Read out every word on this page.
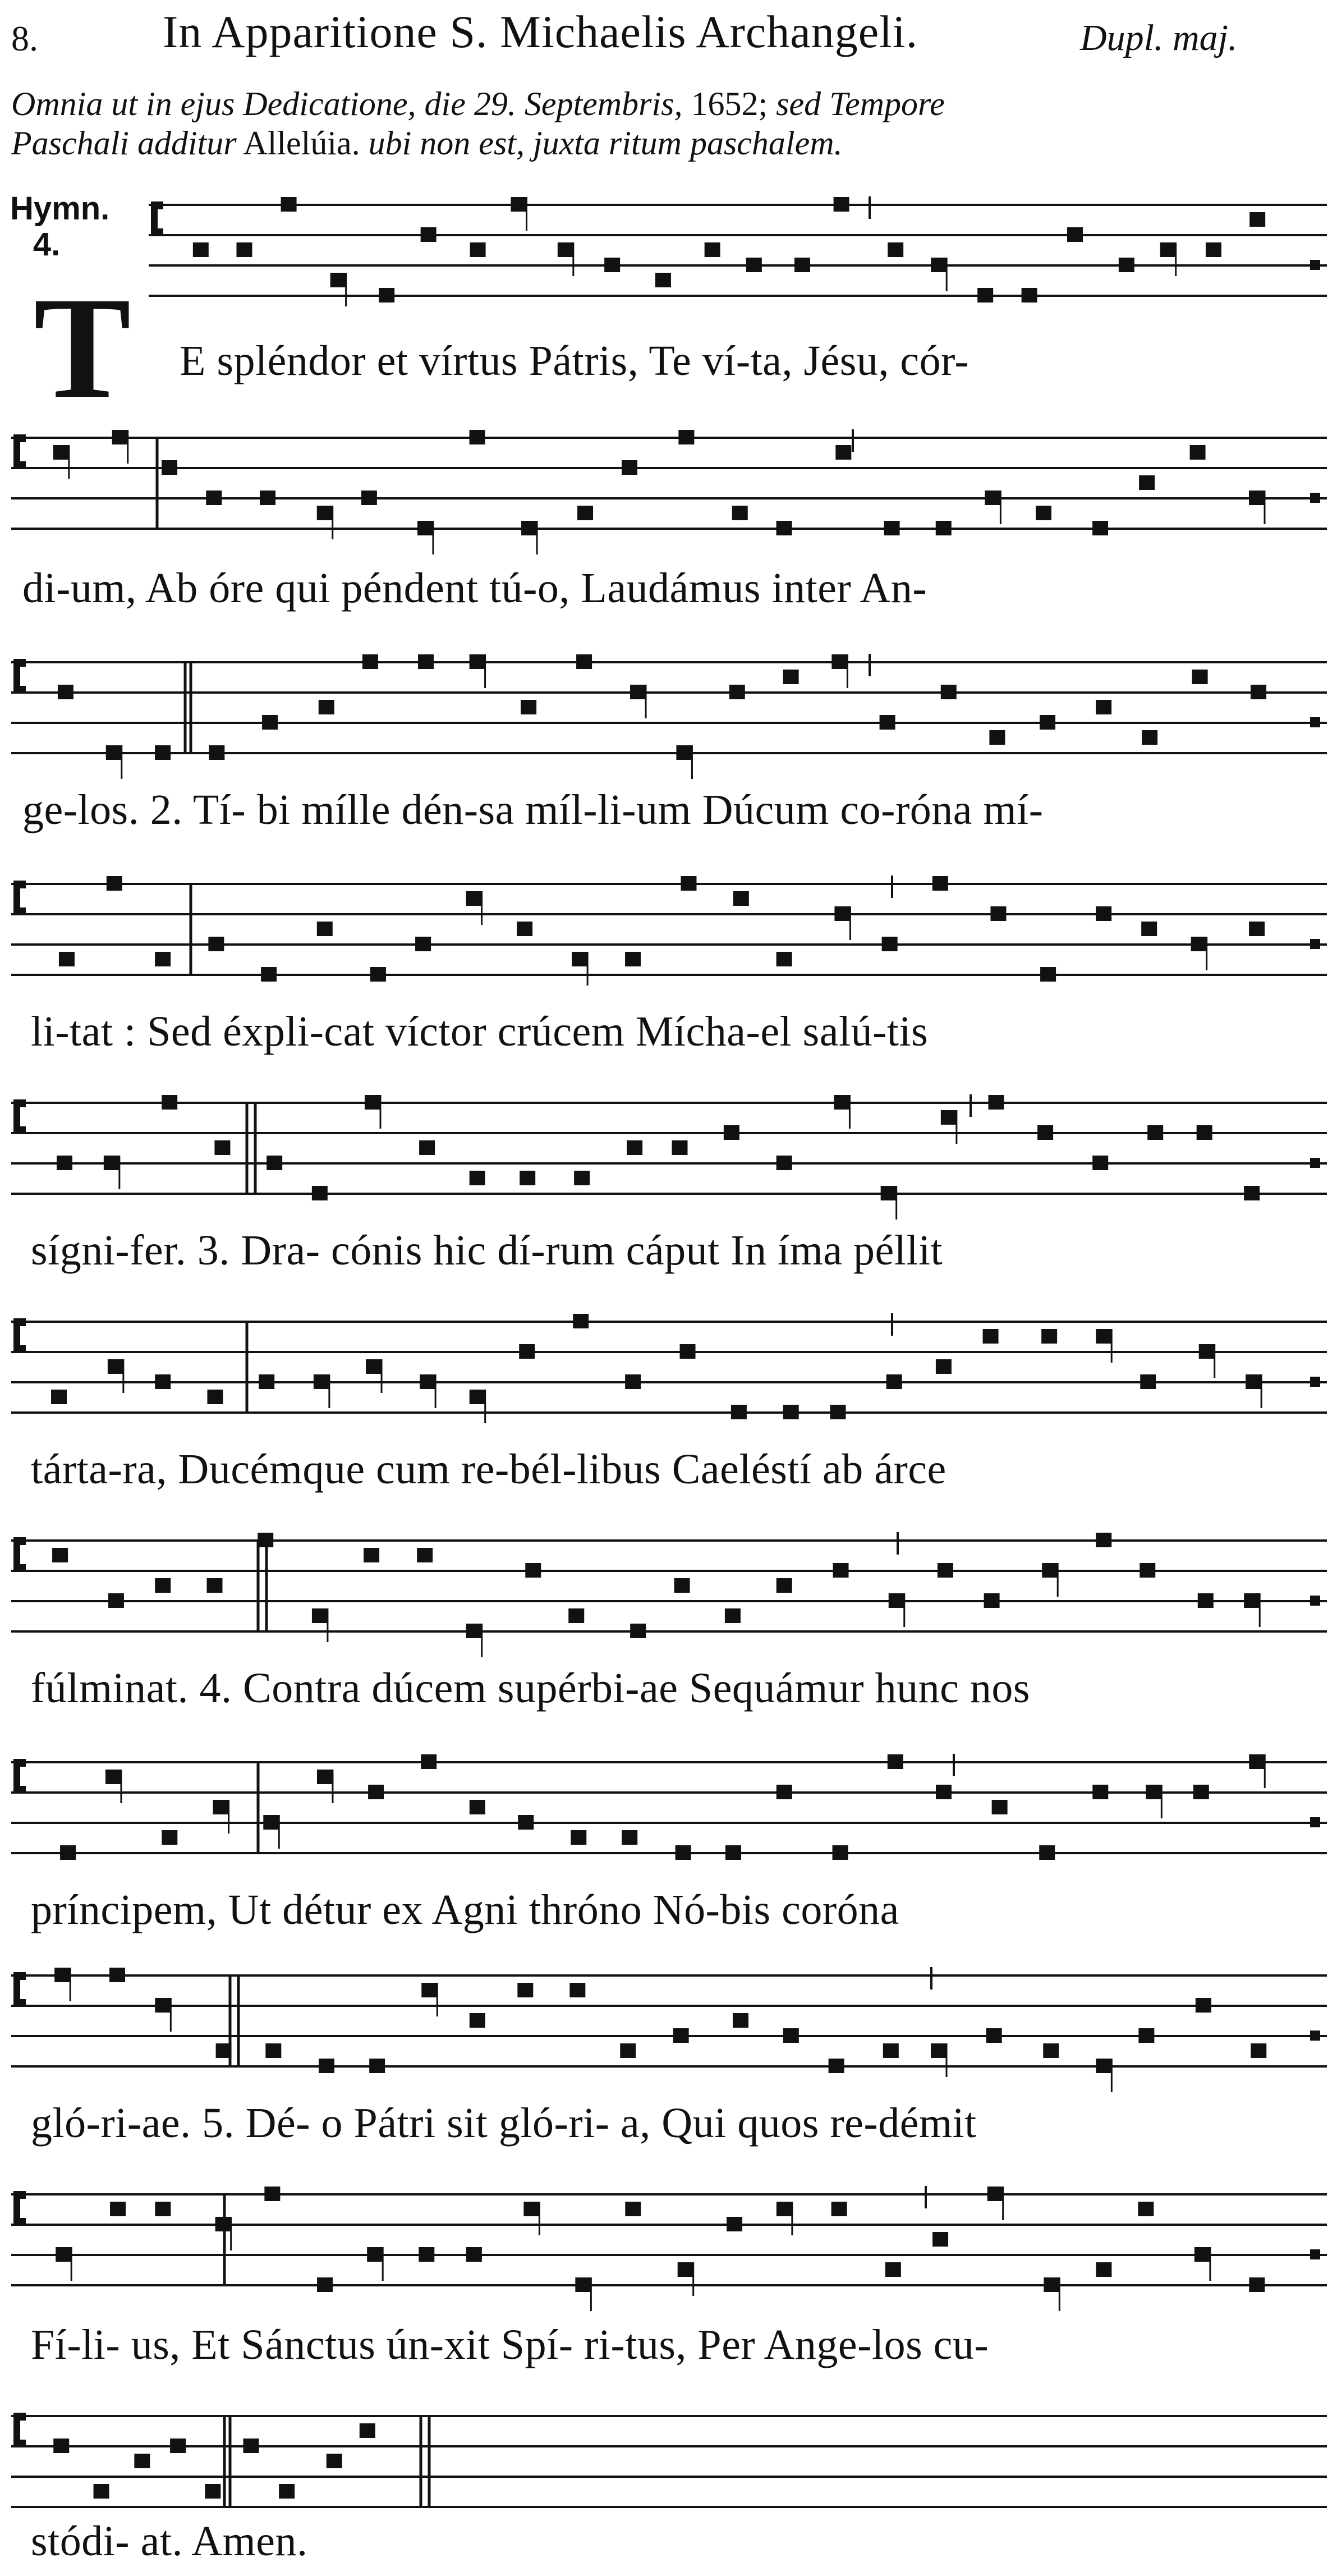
8.	In Apparitione S. Michaelis Archangeli.	Dupl. maj.
Omnia ut in ejus Dedicatione, die 29. Septembris, 1652; sed Tempore
Paschali additur Allelúia. ubi non est, juxta ritum paschalem.
Hymn.
4.
T E spléndor et vírtus Pátris, Te ví-ta, Jésu, cór-
di-um, Ab óre qui péndent tú-o, Laudámus inter An-
ge-los. 2. Tí- bi mílle dén-sa míl-li-um Dúcum co-róna mí-
li-tat : Sed éxpli-cat víctor crúcem Mícha-el salú-tis
sígni-fer. 3. Dra- cónis hic dí-rum cáput In íma péllit
tárta-ra, Ducémque cum re-bél-libus Caeléstí ab árce
fúlminat. 4. Contra dúcem supérbi-ae Sequámur hunc nos
príncipem, Ut détur ex Agni thróno Nó-bis coróna
gló-ri-ae. 5. Dé- o Pátri sit gló-ri- a, Qui quos re-démit
Fí-li- us, Et Sánctus ún-xit Spí- ri-tus, Per Ange-los cu-
stódi- at. Amen.
